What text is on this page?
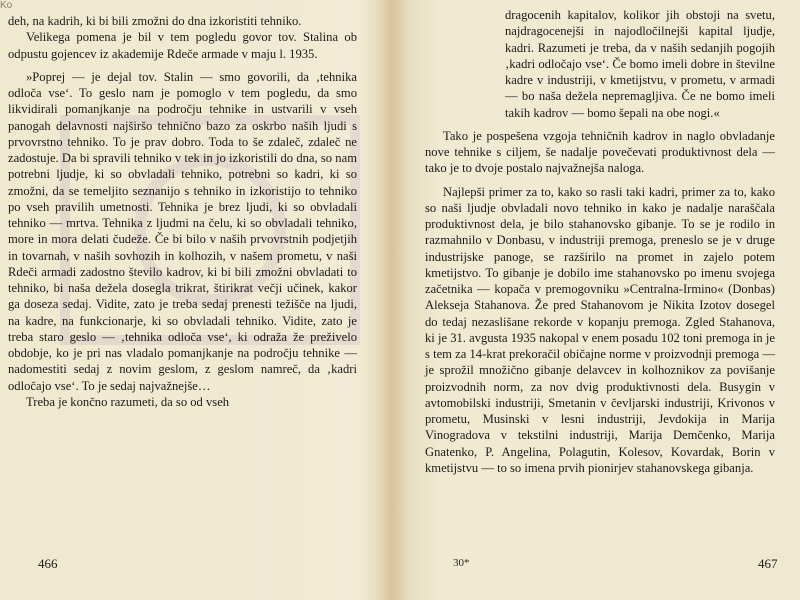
Ko

deh, na kadrih, ki bi bili zmožni do dna izkoristiti tehniko.

Velikega pomena je bil v tem pogledu govor tov. Stalina ob odpustu gojencev iz akademije Rdeče armade v maju l. 1935.

»Poprej — je dejal tov. Stalin — smo govorili, da ‚tehnika odloča vse‘. To geslo nam je pomoglo v tem pogledu, da smo likvidirali pomanjkanje na področju tehnike in ustvarili v vseh panogah delavnosti najširšo tehnično bazo za oskrbo naših ljudi s prvovrstno tehniko. To je prav dobro. Toda to še zdaleč, zdaleč ne zadostuje. Da bi spravili tehniko v tek in jo izkoristili do dna, so nam potrebni ljudje, ki so obvladali tehniko, potrebni so kadri, ki so zmožni, da se temeljito seznanijo s tehniko in izkoristijo to tehniko po vseh pravilih umetnosti. Tehnika je brez ljudi, ki so obvladali tehniko — mrtva. Tehnika z ljudmi na čelu, ki so obvladali tehniko, more in mora delati čudeže. Če bi bilo v naših prvovrstnih podjetjih in tovarnah, v naših sovhozih in kolhozih, v našem prometu, v naši Rdeči armadi zadostno število kadrov, ki bi bili zmožni obvladati to tehniko, bi naša dežela dosegla trikrat, štirikrat večji učinek, kakor ga doseza sedaj. Vidite, zato je treba sedaj prenesti težišče na ljudi, na kadre, na funkcionarje, ki so obvladali tehniko. Vidite, zato je treba staro geslo — ‚tehnika odloča vse‘, ki odraža že preživelo obdobje, ko je pri nas vladalo pomanjkanje na področju tehnike — nadomestiti sedaj z novim geslom, z geslom namreč, da ‚kadri odločajo vse‘. To je sedaj najvažnejše…

Treba je končno razumeti, da so od vseh

466

dragocenih kapitalov, kolikor jih obstoji na svetu, najdragocenejši in najodločilnejši kapital ljudje, kadri. Razumeti je treba, da v naših sedanjih pogojih ‚kadri odločajo vse‘. Če bomo imeli dobre in številne kadre v industriji, v kmetijstvu, v prometu, v armadi — bo naša dežela nepremagljiva. Če ne bomo imeli takih kadrov — bomo šepali na obe nogi.«

Tako je pospešena vzgoja tehničnih kadrov in naglo obvladanje nove tehnike s ciljem, še nadalje povečevati produktivnost dela — tako je to dvoje postalo najvažnejša naloga.

Najlepši primer za to, kako so rasli taki kadri, primer za to, kako so naši ljudje obvladali novo tehniko in kako je nadalje naraščala produktivnost dela, je bilo stahanovsko gibanje. To se je rodilo in razmahnilo v Donbasu, v industriji premoga, preneslo se je v druge industrijske panoge, se razširilo na promet in zajelo potem kmetijstvo. To gibanje je dobilo ime stahanovsko po imenu svojega začetnika — kopača v premogovniku »Centralna-Irmino« (Donbas) Alekseja Stahanova. Že pred Stahanovom je Nikita Izotov dosegel do tedaj nezaslišane rekorde v kopanju premoga. Zgled Stahanova, ki je 31. avgusta 1935 nakopal v enem posadu 102 toni premoga in je s tem za 14-krat prekoračil običajne norme v proizvodnji premoga — je sprožil množično gibanje delavcev in kolhoznikov za povišanje proizvodnih norm, za nov dvig produktivnosti dela. Busygin v avtomobilski industriji, Smetanin v čevljarski industriji, Krivonos v prometu, Musinski v lesni industriji, Jevdokija in Marija Vinogradova v tekstilni industriji, Marija Demčenko, Marija Gnatenko, P. Angelina, Polagutin, Kolesov, Kovardak, Borin v kmetijstvu — to so imena prvih pionirjev stahanovskega gibanja.

30*	467
